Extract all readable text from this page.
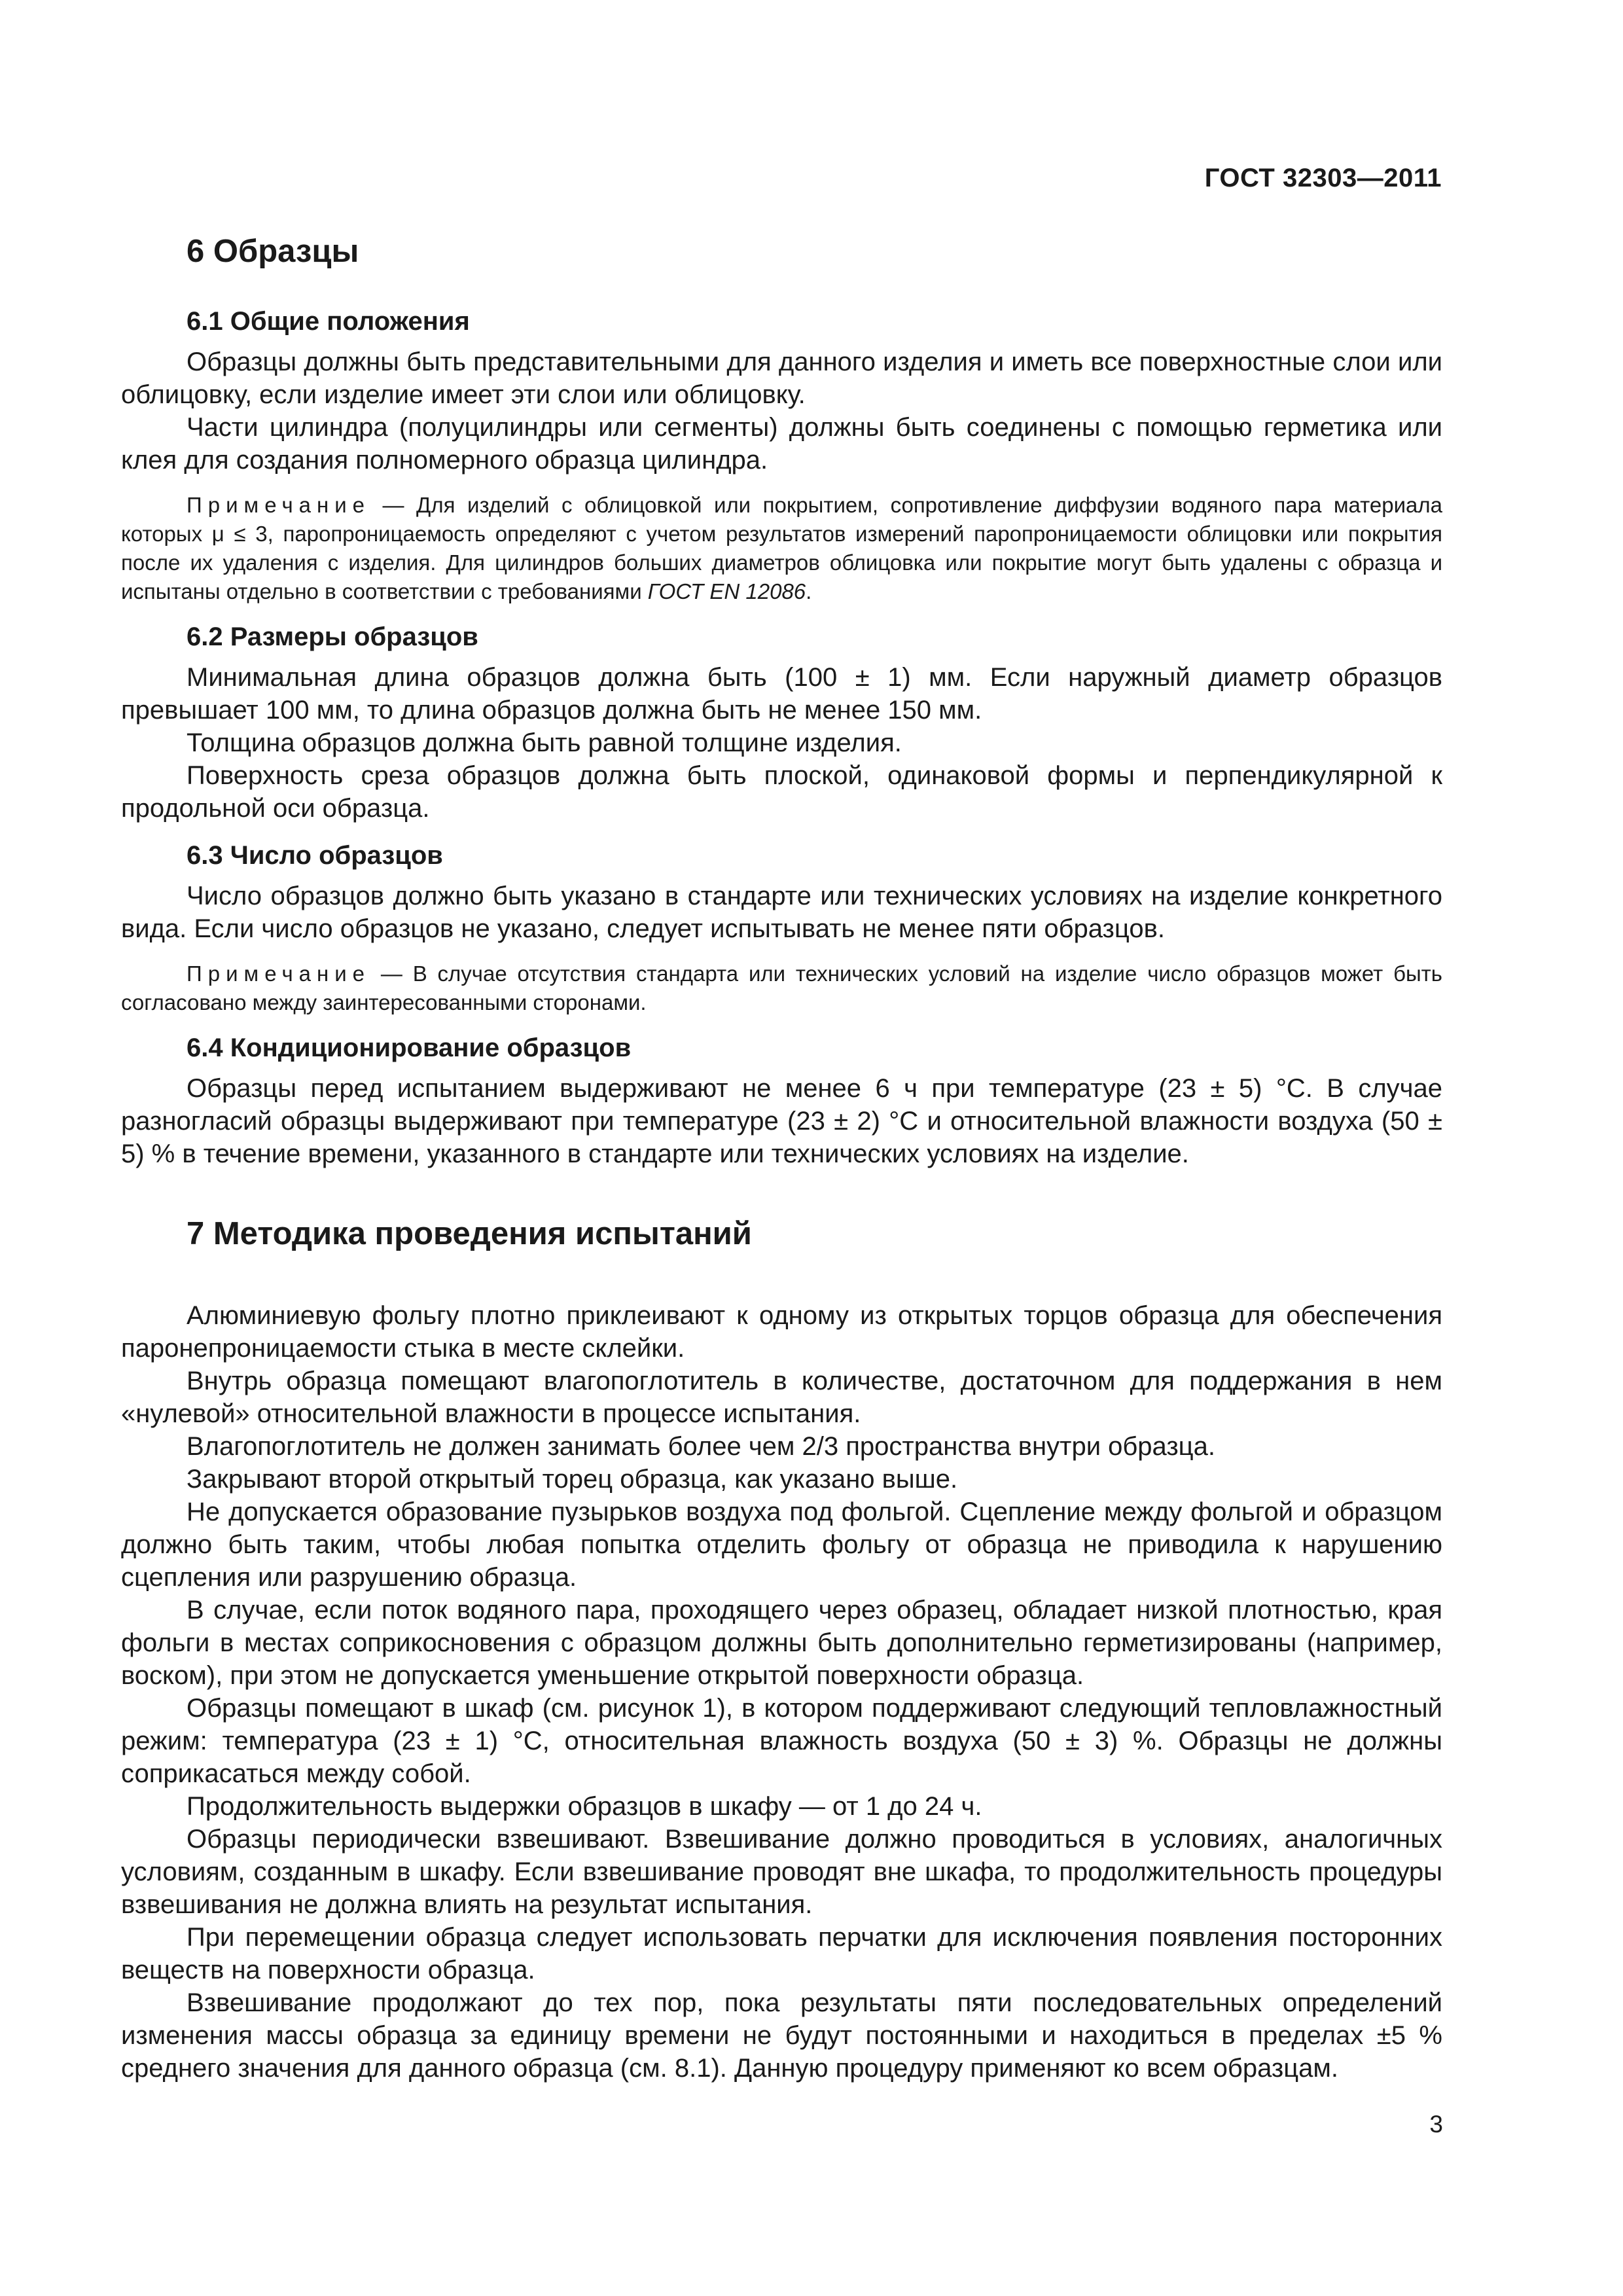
ГОСТ 32303—2011
6 Образцы
6.1 Общие положения

Образцы должны быть представительными для данного изделия и иметь все поверхностные слои или облицовку, если изделие имеет эти слои или облицовку.

Части цилиндра (полуцилиндры или сегменты) должны быть соединены с помощью герметика или клея для создания полномерного образца цилиндра.

Примечание — Для изделий с облицовкой или покрытием, сопротивление диффузии водяного пара материала которых μ ≤ 3, паропроницаемость определяют с учетом результатов измерений паропроницаемости облицовки или покрытия после их удаления с изделия. Для цилиндров больших диаметров облицовка или покрытие могут быть удалены с образца и испытаны отдельно в соответствии с требованиями ГОСТ EN 12086.

6.2 Размеры образцов

Минимальная длина образцов должна быть (100 ± 1) мм. Если наружный диаметр образцов превышает 100 мм, то длина образцов должна быть не менее 150 мм.

Толщина образцов должна быть равной толщине изделия.

Поверхность среза образцов должна быть плоской, одинаковой формы и перпендикулярной к продольной оси образца.

6.3 Число образцов

Число образцов должно быть указано в стандарте или технических условиях на изделие конкретного вида. Если число образцов не указано, следует испытывать не менее пяти образцов.

Примечание — В случае отсутствия стандарта или технических условий на изделие число образцов может быть согласовано между заинтересованными сторонами.

6.4 Кондиционирование образцов

Образцы перед испытанием выдерживают не менее 6 ч при температуре (23 ± 5) °С. В случае разногласий образцы выдерживают при температуре (23 ± 2) °С и относительной влажности воздуха (50 ± 5) % в течение времени, указанного в стандарте или технических условиях на изделие.

7 Методика проведения испытаний

Алюминиевую фольгу плотно приклеивают к одному из открытых торцов образца для обеспечения паронепроницаемости стыка в месте склейки.

Внутрь образца помещают влагопоглотитель в количестве, достаточном для поддержания в нем «нулевой» относительной влажности в процессе испытания.

Влагопоглотитель не должен занимать более чем 2/3 пространства внутри образца.

Закрывают второй открытый торец образца, как указано выше.

Не допускается образование пузырьков воздуха под фольгой. Сцепление между фольгой и образцом должно быть таким, чтобы любая попытка отделить фольгу от образца не приводила к нарушению сцепления или разрушению образца.

В случае, если поток водяного пара, проходящего через образец, обладает низкой плотностью, края фольги в местах соприкосновения с образцом должны быть дополнительно герметизированы (например, воском), при этом не допускается уменьшение открытой поверхности образца.

Образцы помещают в шкаф (см. рисунок 1), в котором поддерживают следующий тепловлажностный режим: температура (23 ± 1) °С, относительная влажность воздуха (50 ± 3) %. Образцы не должны соприкасаться между собой.

Продолжительность выдержки образцов в шкафу — от 1 до 24 ч.

Образцы периодически взвешивают. Взвешивание должно проводиться в условиях, аналогичных условиям, созданным в шкафу. Если взвешивание проводят вне шкафа, то продолжительность процедуры взвешивания не должна влиять на результат испытания.

При перемещении образца следует использовать перчатки для исключения появления посторонних веществ на поверхности образца.

Взвешивание продолжают до тех пор, пока результаты пяти последовательных определений изменения массы образца за единицу времени не будут постоянными и находиться в пределах ±5 % среднего значения для данного образца (см. 8.1). Данную процедуру применяют ко всем образцам.

3
